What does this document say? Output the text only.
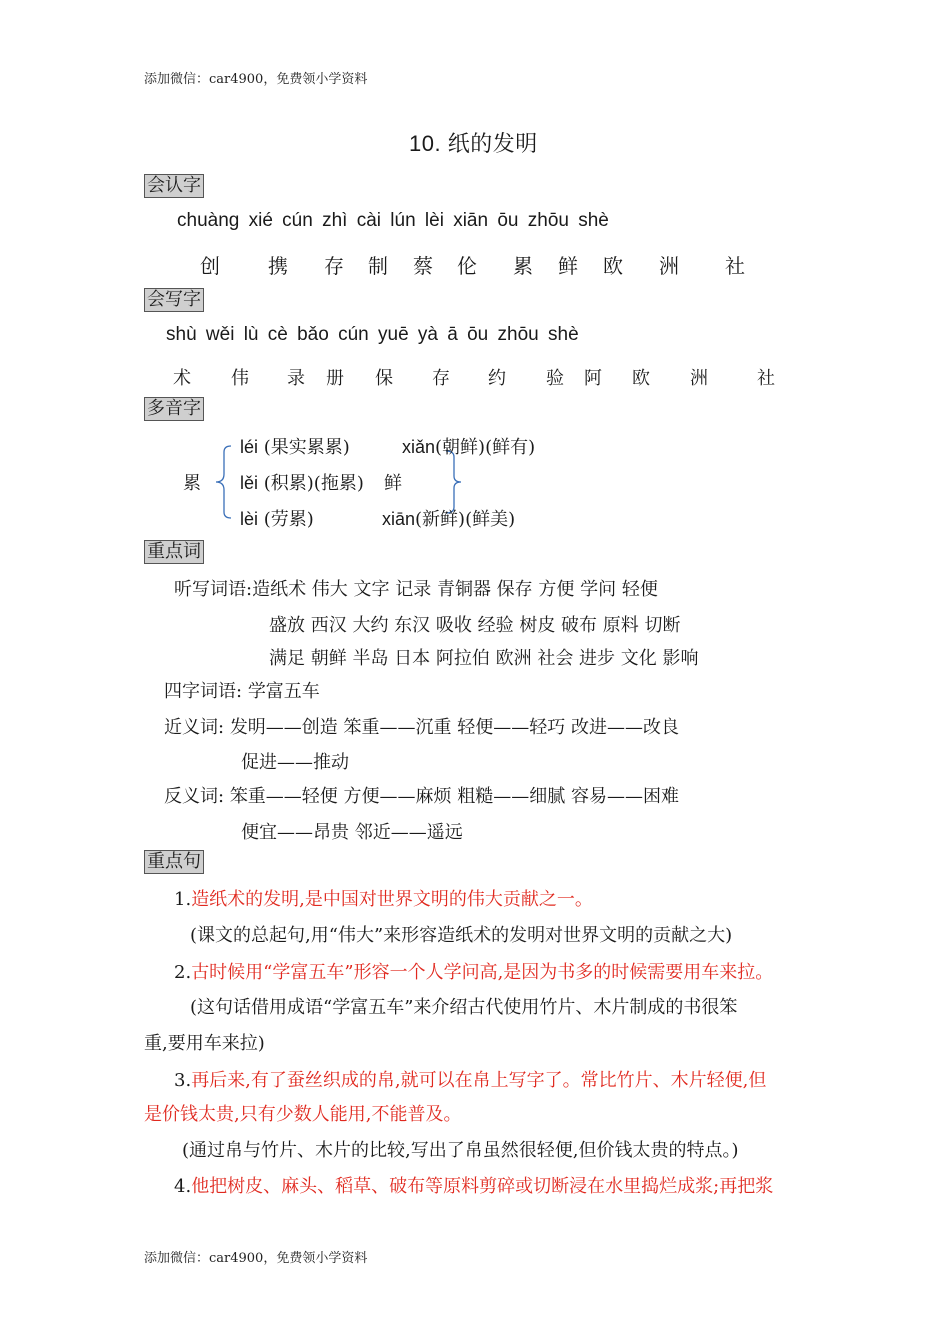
添加微信：car4900，免费领小学资料
添加微信：car4900，免费领小学资料
10. 纸的发明
会认字
chuàng xié cún zhì cài lún lèi xiān ōu zhōu shè
创 携 存 制 蔡 伦 累 鲜 欧 洲 社
会写字
shù wěi lù cè bǎo cún yuē yà ā ōu zhōu shè
术 伟 录 册 保 存 约 验 阿 欧 洲	社
多音字
累
léi (果实累累)
lěi (积累)(拖累)
lèi (劳累)
鲜
xiǎn(朝鲜)(鲜有)
xiān(新鲜)(鲜美)
重点词
听写词语:造纸术 伟大 文字 记录 青铜器 保存 方便 学问 轻便
盛放 西汉 大约 东汉 吸收 经验 树皮 破布 原料 切断
满足 朝鲜 半岛 日本 阿拉伯 欧洲 社会 进步 文化 影响
四字词语: 学富五车
近义词: 发明——创造 笨重——沉重 轻便——轻巧 改进——改良
促进——推动
反义词: 笨重——轻便 方便——麻烦 粗糙——细腻 容易——困难
便宜——昂贵 邻近——遥远
重点句
1.造纸术的发明,是中国对世界文明的伟大贡献之一。
(课文的总起句,用“伟大”来形容造纸术的发明对世界文明的贡献之大)
2.古时候用“学富五车”形容一个人学问高,是因为书多的时候需要用车来拉。
(这句话借用成语“学富五车”来介绍古代使用竹片、木片制成的书很笨
重,要用车来拉)
3.再后来,有了蚕丝织成的帛,就可以在帛上写字了。常比竹片、木片轻便,但
是价钱太贵,只有少数人能用,不能普及。
(通过帛与竹片、木片的比较,写出了帛虽然很轻便,但价钱太贵的特点。)
4.他把树皮、麻头、稻草、破布等原料剪碎或切断浸在水里捣烂成浆;再把浆
